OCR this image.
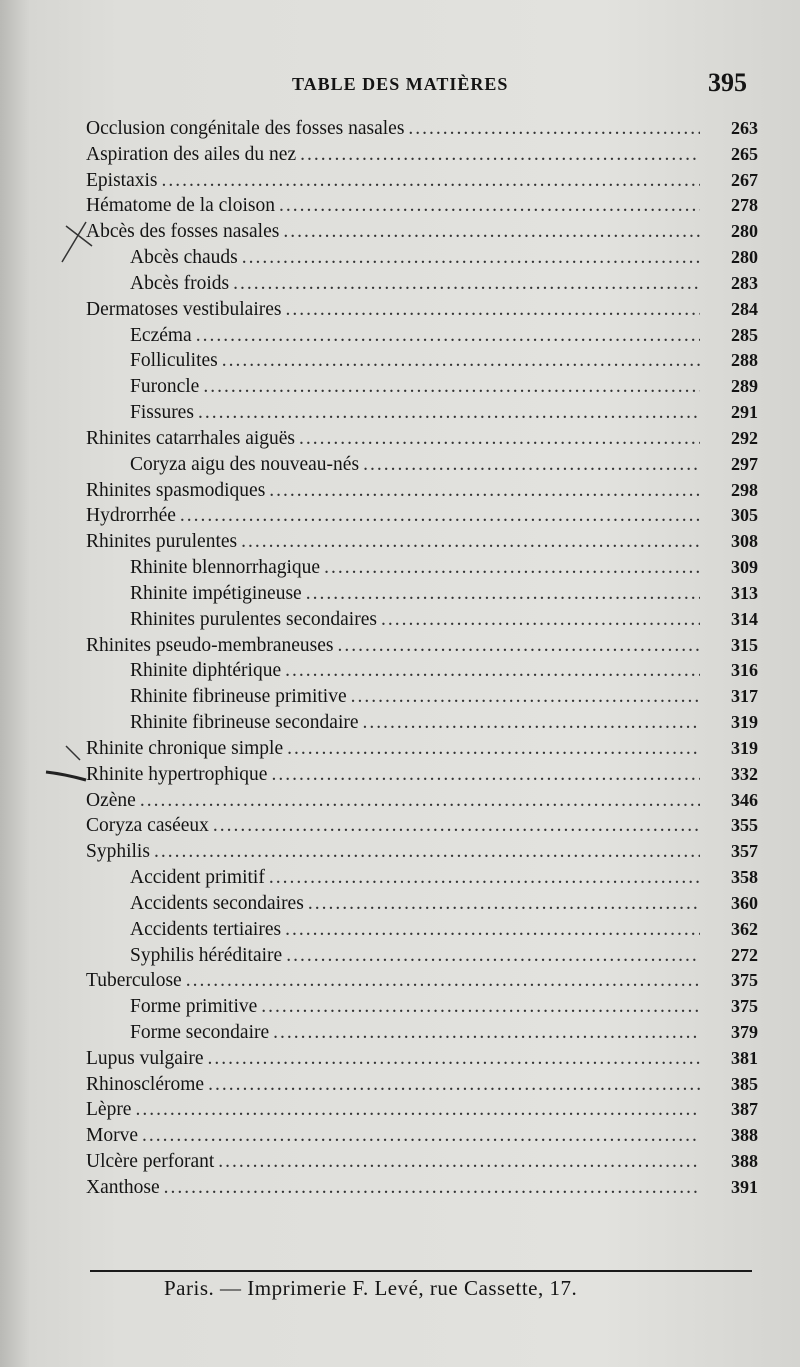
TABLE DES MATIÈRES	395
Occlusion congénitale des fosses nasales .....	263
Aspiration des ailes du nez .....	265
Epistaxis .....	267
Hématome de la cloison .....	278
Abcès des fosses nasales .....	280
Abcès chauds .....	280
Abcès froids .....	283
Dermatoses vestibulaires .....	284
Eczéma .....	285
Folliculites .....	288
Furoncle .....	289
Fissures .....	291
Rhinites catarrhales aiguës .....	292
Coryza aigu des nouveau-nés .....	297
Rhinites spasmodiques .....	298
Hydrorrhée .....	305
Rhinites purulentes .....	308
Rhinite blennorrhagique .....	309
Rhinite impétigineuse .....	313
Rhinites purulentes secondaires .....	314
Rhinites pseudo-membraneuses .....	315
Rhinite diphtérique .....	316
Rhinite fibrineuse primitive .....	317
Rhinite fibrineuse secondaire .....	319
Rhinite chronique simple .....	319
Rhinite hypertrophique .....	332
Ozène .....	346
Coryza caséeux .....	355
Syphilis .....	357
Accident primitif .....	358
Accidents secondaires .....	360
Accidents tertiaires .....	362
Syphilis héréditaire .....	272
Tuberculose .....	375
Forme primitive .....	375
Forme secondaire .....	379
Lupus vulgaire .....	381
Rhinosclérome .....	385
Lèpre .....	387
Morve .....	388
Ulcère perforant .....	388
Xanthose .....	391
Paris. — Imprimerie F. Levé, rue Cassette, 17.
